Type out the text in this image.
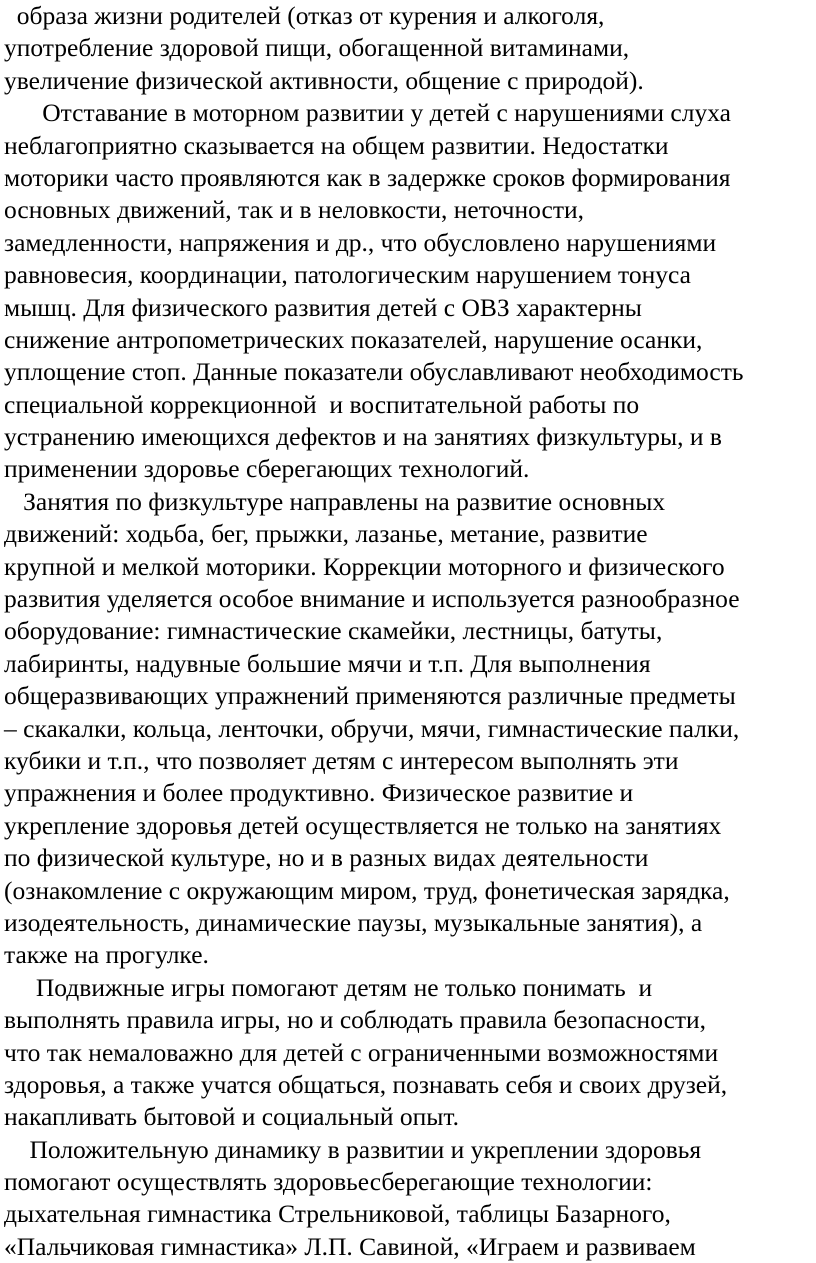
образа жизни родителей (отказ от курения и алкоголя,
употребление здоровой пищи, обогащенной витаминами,
увеличение физической активности, общение с природой).
Отставание в моторном развитии у детей с нарушениями слуха
неблагоприятно сказывается на общем развитии. Недостатки
моторики часто проявляются как в задержке сроков формирования
основных движений, так и в неловкости, неточности,
замедленности, напряжения и др., что обусловлено нарушениями
равновесия, координации, патологическим нарушением тонуса
мышц. Для физического развития детей с ОВЗ характерны
снижение антропометрических показателей, нарушение осанки,
уплощение стоп. Данные показатели обуславливают необходимость
специальной коррекционной  и воспитательной работы по
устранению имеющихся дефектов и на занятиях физкультуры, и в
применении здоровье сберегающих технологий.
Занятия по физкультуре направлены на развитие основных
движений: ходьба, бег, прыжки, лазанье, метание, развитие
крупной и мелкой моторики. Коррекции моторного и физического
развития уделяется особое внимание и используется разнообразное
оборудование: гимнастические скамейки, лестницы, батуты,
лабиринты, надувные большие мячи и т.п. Для выполнения
общеразвивающих упражнений применяются различные предметы
– скакалки, кольца, ленточки, обручи, мячи, гимнастические палки,
кубики и т.п., что позволяет детям с интересом выполнять эти
упражнения и более продуктивно. Физическое развитие и
укрепление здоровья детей осуществляется не только на занятиях
по физической культуре, но и в разных видах деятельности
(ознакомление с окружающим миром, труд, фонетическая зарядка,
изодеятельность, динамические паузы, музыкальные занятия), а
также на прогулке.
Подвижные игры помогают детям не только понимать  и
выполнять правила игры, но и соблюдать правила безопасности,
что так немаловажно для детей с ограниченными возможностями
здоровья, а также учатся общаться, познавать себя и своих друзей,
накапливать бытовой и социальный опыт.
Положительную динамику в развитии и укреплении здоровья
помогают осуществлять здоровьесберегающие технологии:
дыхательная гимнастика Стрельниковой, таблицы Базарного,
«Пальчиковая гимнастика» Л.П. Савиной, «Играем и развиваем
